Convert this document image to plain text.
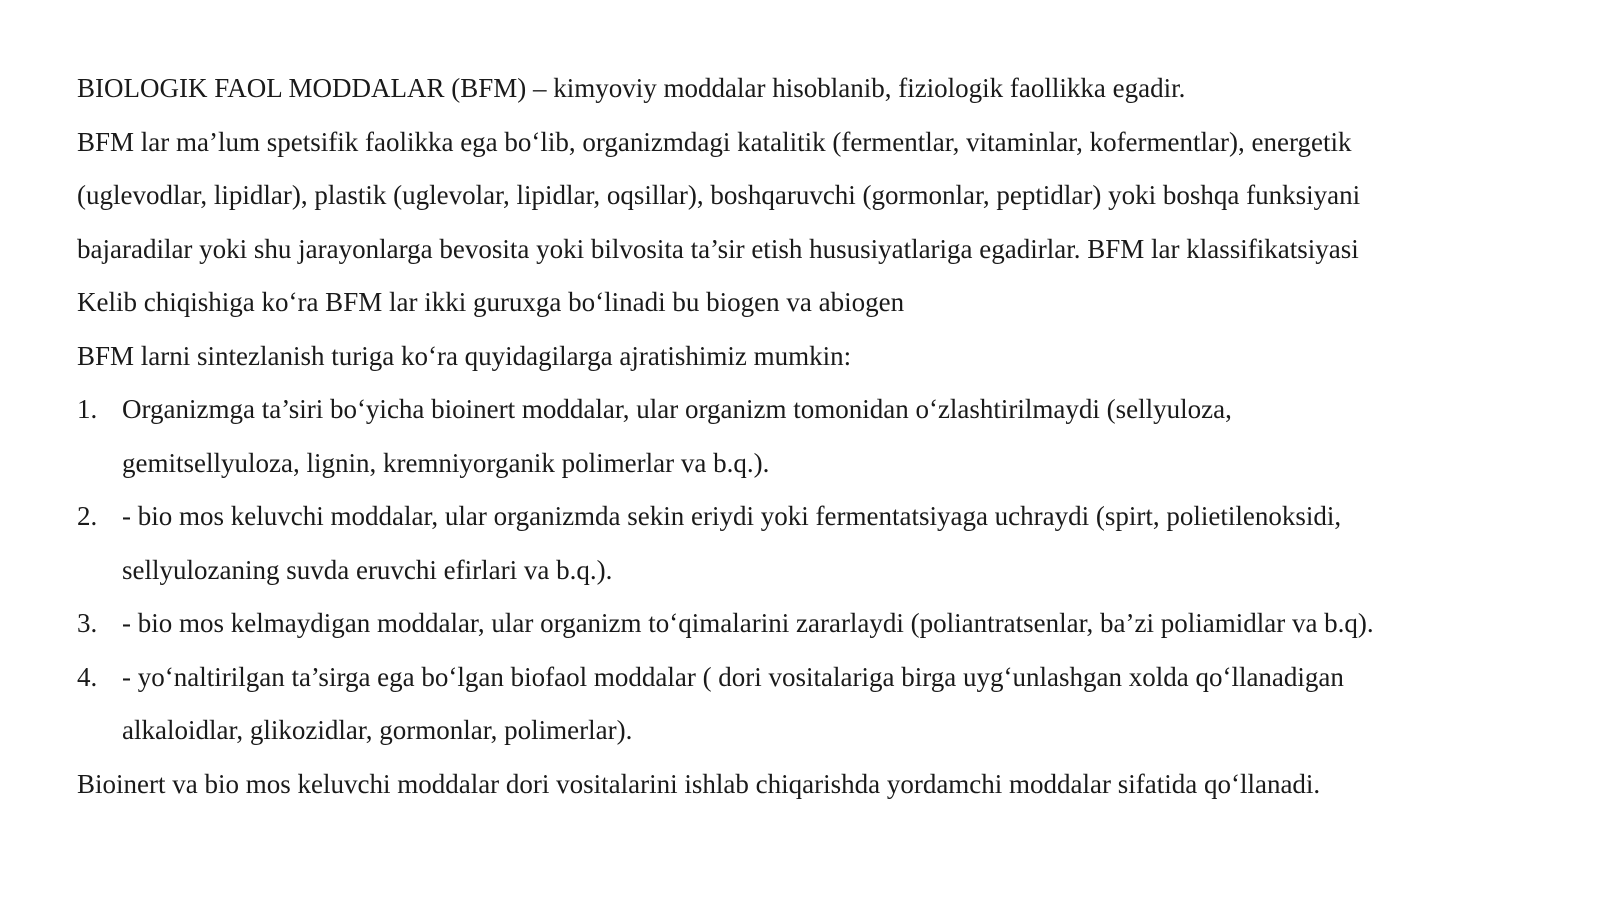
BIOLOGIK FAOL MODDALAR (BFM) – kimyoviy moddalar hisoblanib, fiziologik faollikka egadir.

BFM lar ma’lum spetsifik faolikka ega boʻlib, organizmdagi katalitik (fermentlar, vitaminlar, kofermentlar), energetik

(uglevodlar, lipidlar), plastik (uglevolar, lipidlar, oqsillar), boshqaruvchi (gormonlar, peptidlar) yoki boshqa funksiyani

bajaradilar yoki shu jarayonlarga bevosita yoki bilvosita ta’sir etish hususiyatlariga egadirlar. BFM lar klassifikatsiyasi

Kelib chiqishiga koʻra BFM lar ikki guruxga boʻlinadi bu biogen va abiogen

BFM larni sintezlanish turiga koʻra quyidagilarga ajratishimiz mumkin:

1. Organizmga ta’siri boʻyicha bioinert moddalar, ular organizm tomonidan oʻzlashtirilmaydi (sellyuloza,
gemitsellyuloza, lignin, kremniyorganik polimerlar va b.q.).
2. - bio mos keluvchi moddalar, ular organizmda sekin eriydi yoki fermentatsiyaga uchraydi (spirt, polietilenoksidi,
sellyulozaning suvda eruvchi efirlari va b.q.).
3. - bio mos kelmaydigan moddalar, ular organizm toʻqimalarini zararlaydi (poliantratsenlar, ba’zi poliamidlar va b.q).
4. - yoʻnaltirilgan ta’sirga ega boʻlgan biofaol moddalar ( dori vositalariga birga uygʻunlashgan xolda qoʻllanadigan
alkaloidlar, glikozidlar, gormonlar, polimerlar).

Bioinert va bio mos keluvchi moddalar dori vositalarini ishlab chiqarishda yordamchi moddalar sifatida qoʻllanadi.
